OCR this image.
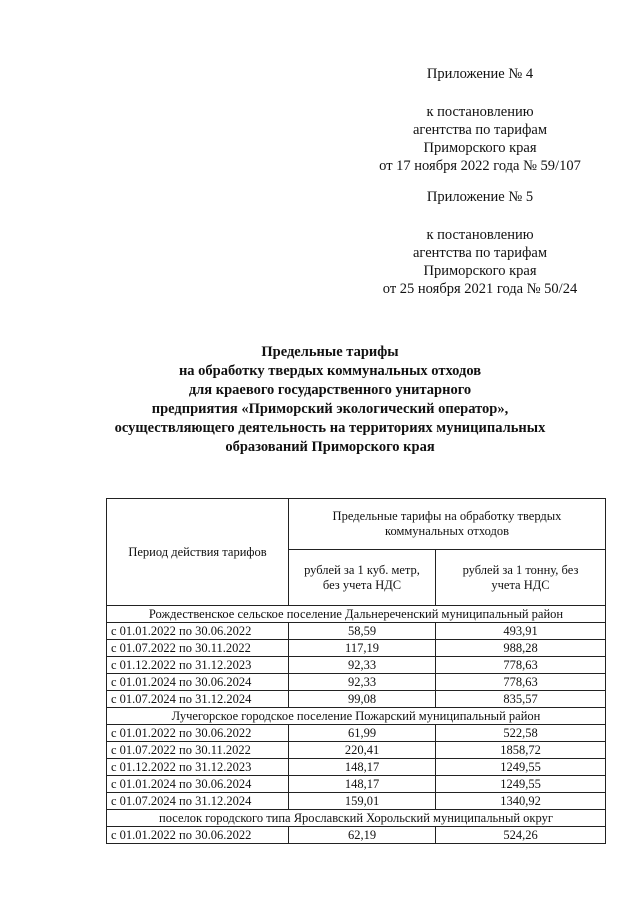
Приложение № 4
к постановлению
агентства по тарифам
Приморского края
от 17 ноября 2022 года № 59/107
Приложение № 5
к постановлению
агентства по тарифам
Приморского края
от 25 ноября 2021 года № 50/24
Предельные тарифы
на обработку твердых коммунальных отходов
для краевого государственного унитарного
предприятия «Приморский экологический оператор»,
осуществляющего деятельность на территориях муниципальных
образований Приморского края
Период действия тарифов	Предельные тарифы на обработку твердых коммунальных отходов	
	рублей за 1 куб. метр, без учета НДС	рублей за 1 тонну, без учета НДС
Рождественское сельское поселение Дальнереченский муниципальный район		
с 01.01.2022 по 30.06.2022	58,59	493,91
с 01.07.2022 по 30.11.2022	117,19	988,28
с 01.12.2022 по 31.12.2023	92,33	778,63
с 01.01.2024 по 30.06.2024	92,33	778,63
с 01.07.2024 по 31.12.2024	99,08	835,57
Лучегорское городское поселение Пожарский муниципальный район		
с 01.01.2022 по 30.06.2022	61,99	522,58
с 01.07.2022 по 30.11.2022	220,41	1858,72
с 01.12.2022 по 31.12.2023	148,17	1249,55
с 01.01.2024 по 30.06.2024	148,17	1249,55
с 01.07.2024 по 31.12.2024	159,01	1340,92
поселок городского типа Ярославский Хорольский муниципальный округ		
с 01.01.2022 по 30.06.2022	62,19	524,26
